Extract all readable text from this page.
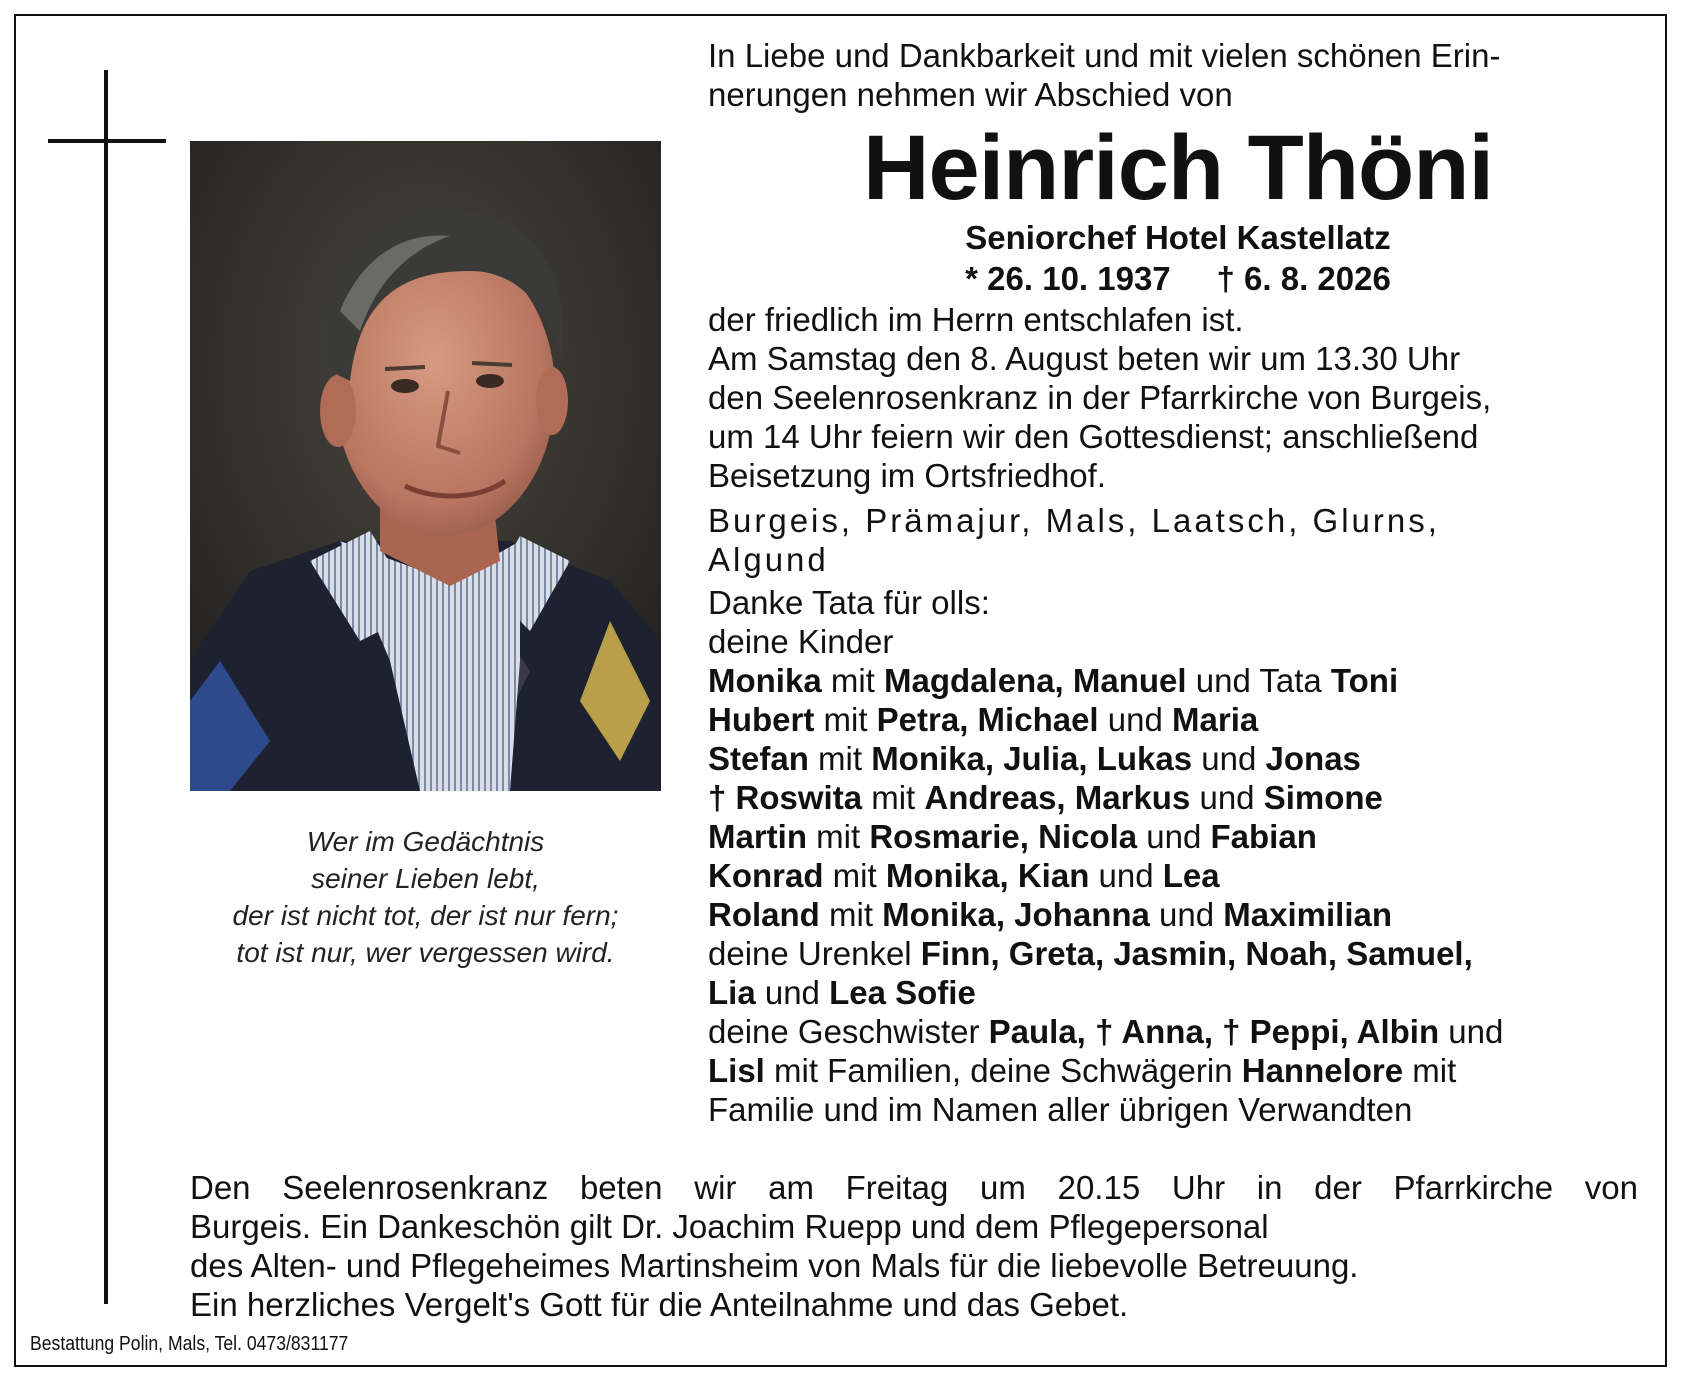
Wer im Gedächtnis
seiner Lieben lebt,
der ist nicht tot, der ist nur fern;
tot ist nur, wer vergessen wird.
In Liebe und Dankbarkeit und mit vielen schönen Erin-
nerungen nehmen wir Abschied von
Heinrich Thöni
Seniorchef Hotel Kastellatz
* 26. 10. 1937 † 6. 8. 2026
der friedlich im Herrn entschlafen ist.
Am Samstag den 8. August beten wir um 13.30 Uhr
den Seelenrosenkranz in der Pfarrkirche von Burgeis,
um 14 Uhr feiern wir den Gottesdienst; anschließend
Beisetzung im Ortsfriedhof.
Burgeis, Prämajur, Mals, Laatsch, Glurns,
Algund
Danke Tata für olls:
deine Kinder
Monika mit Magdalena, Manuel und Tata Toni
Hubert mit Petra, Michael und Maria
Stefan mit Monika, Julia, Lukas und Jonas
† Roswita mit Andreas, Markus und Simone
Martin mit Rosmarie, Nicola und Fabian
Konrad mit Monika, Kian und Lea
Roland mit Monika, Johanna und Maximilian
deine Urenkel Finn, Greta, Jasmin, Noah, Samuel,
Lia und Lea Sofie
deine Geschwister Paula, † Anna, † Peppi, Albin und
Lisl mit Familien, deine Schwägerin Hannelore mit
Familie und im Namen aller übrigen Verwandten
Den Seelenrosenkranz beten wir am Freitag um 20.15 Uhr in der Pfarrkirche von
Burgeis. Ein Dankeschön gilt Dr. Joachim Ruepp und dem Pflegepersonal
des Alten- und Pflegeheimes Martinsheim von Mals für die liebevolle Betreuung.
Ein herzliches Vergelt's Gott für die Anteilnahme und das Gebet.
Bestattung Polin, Mals, Tel. 0473/831177
